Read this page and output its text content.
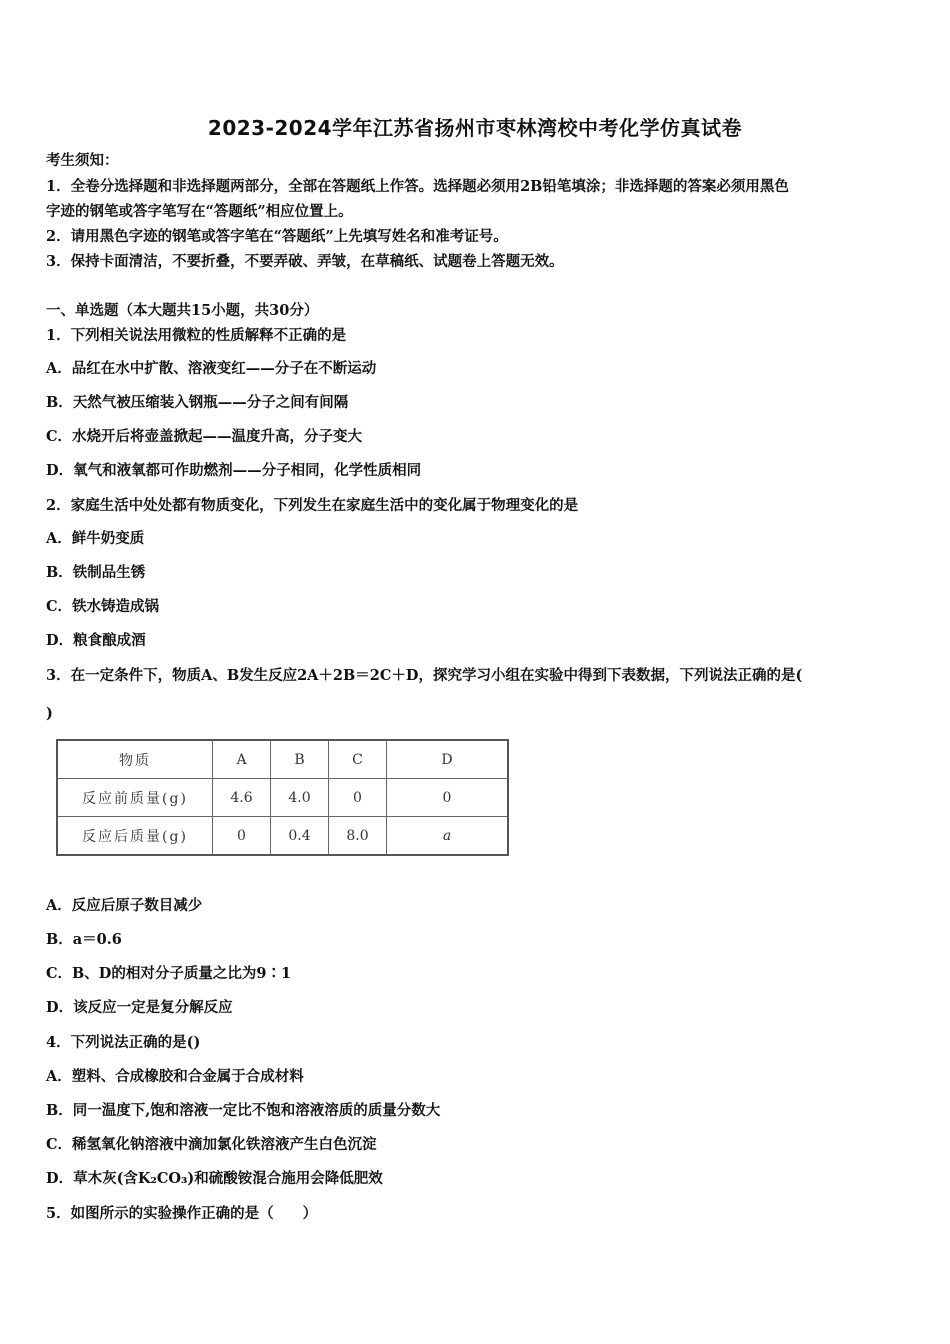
2023-2024学年江苏省扬州市枣林湾校中考化学仿真试卷
考生须知：
1．全卷分选择题和非选择题两部分，全部在答题纸上作答。选择题必须用2B铅笔填涂；非选择题的答案必须用黑色
字迹的钢笔或答字笔写在“答题纸”相应位置上。
2．请用黑色字迹的钢笔或答字笔在“答题纸”上先填写姓名和准考证号。
3．保持卡面清洁，不要折叠，不要弄破、弄皱，在草稿纸、试题卷上答题无效。
一、单选题（本大题共15小题，共30分）
1．下列相关说法用微粒的性质解释不正确的是
A．品红在水中扩散、溶液变红——分子在不断运动
B．天然气被压缩装入钢瓶——分子之间有间隔
C．水烧开后将壶盖掀起——温度升高，分子变大
D．氧气和液氧都可作助燃剂——分子相同，化学性质相同
2．家庭生活中处处都有物质变化，下列发生在家庭生活中的变化属于物理变化的是
A．鲜牛奶变质
B．铁制品生锈
C．铁水铸造成锅
D．粮食酿成酒
3．在一定条件下，物质A、B发生反应2A＋2B＝2C＋D，探究学习小组在实验中得到下表数据，下列说法正确的是(
)
物质	A	B	C	D
反应前质量(g)	4.6	4.0	0	0
反应后质量(g)	0	0.4	8.0	a
A．反应后原子数目减少
B．a＝0.6
C．B、D的相对分子质量之比为9∶1
D．该反应一定是复分解反应
4．下列说法正确的是()
A．塑料、合成橡胶和合金属于合成材料
B．同一温度下,饱和溶液一定比不饱和溶液溶质的质量分数大
C．稀氢氧化钠溶液中滴加氯化铁溶液产生白色沉淀
D．草木灰(含K₂CO₃)和硫酸铵混合施用会降低肥效
5．如图所示的实验操作正确的是（　　）
